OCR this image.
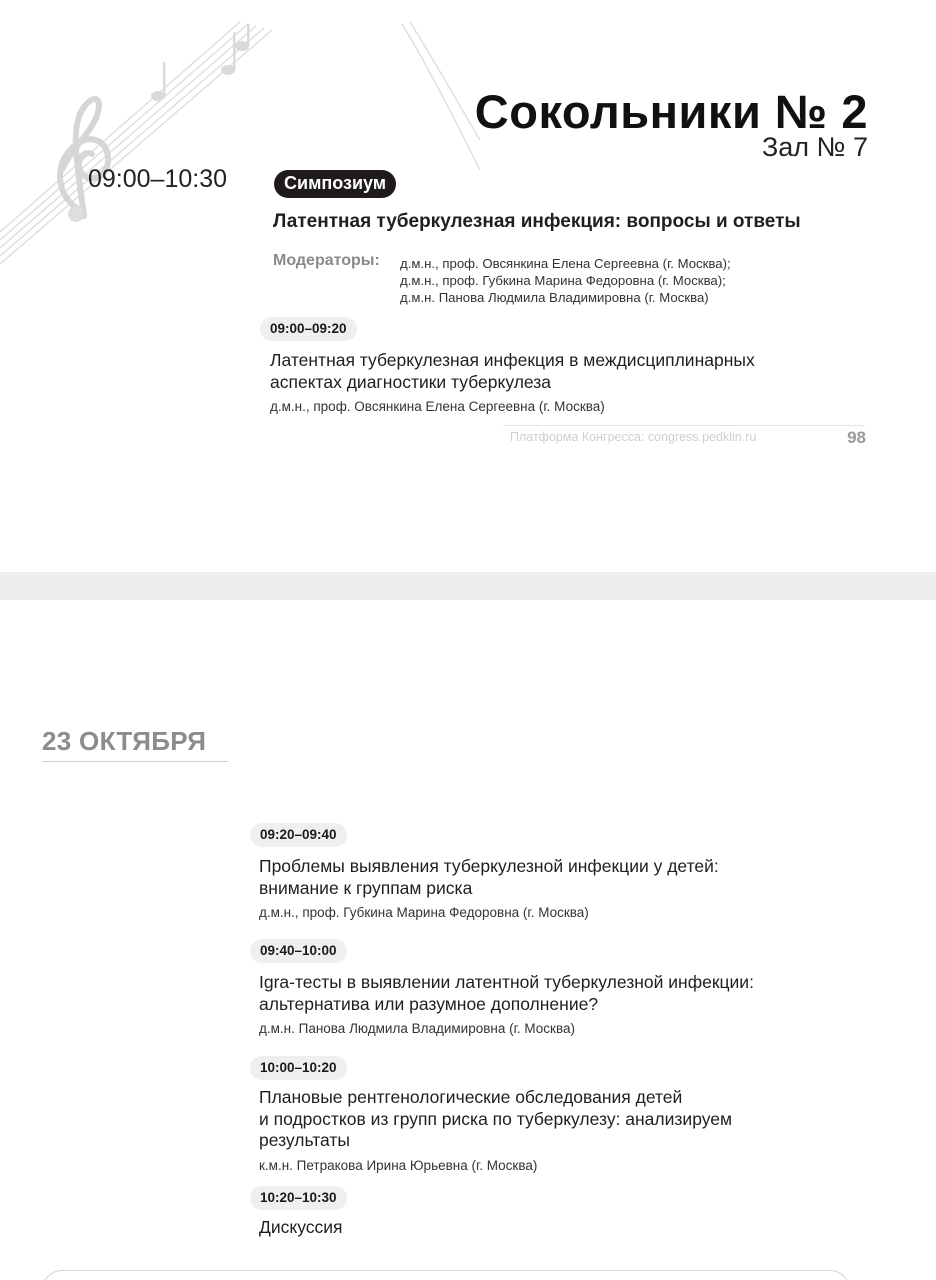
Сокольники № 2
Зал № 7
09:00–10:30	Симпозиум
Латентная туберкулезная инфекция: вопросы и ответы
Модераторы: д.м.н., проф. Овсянкина Елена Сергеевна (г. Москва);
д.м.н., проф. Губкина Марина Федоровна (г. Москва);
д.м.н. Панова Людмила Владимировна (г. Москва)
09:00–09:20
Латентная туберкулезная инфекция в междисциплинарных
аспектах диагностики туберкулеза
д.м.н., проф. Овсянкина Елена Сергеевна (г. Москва)
Платформа Конгресса: congress.pedklin.ru	98
23 ОКТЯБРЯ
09:20–09:40
Проблемы выявления туберкулезной инфекции у детей:
внимание к группам риска
д.м.н., проф. Губкина Марина Федоровна (г. Москва)
09:40–10:00
Igra-тесты в выявлении латентной туберкулезной инфекции:
альтернатива или разумное дополнение?
д.м.н. Панова Людмила Владимировна (г. Москва)
10:00–10:20
Плановые рентгенологические обследования детей
и подростков из групп риска по туберкулезу: анализируем
результаты
к.м.н. Петракова Ирина Юрьевна (г. Москва)
10:20–10:30
Дискуссия
